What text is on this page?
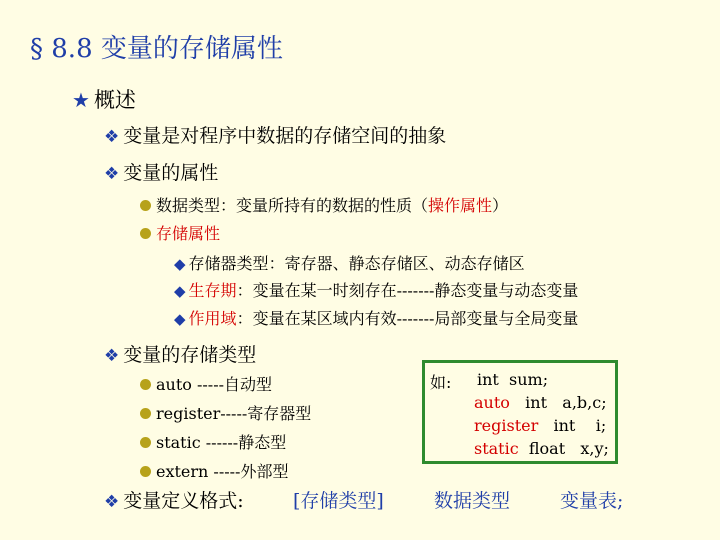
§ 8.8 变量的存储属性
★ 概述
❖ 变量是对程序中数据的存储空间的抽象
❖ 变量的属性
数据类型：变量所持有的数据的性质（操作属性）
存储属性
◆ 存储器类型：寄存器、静态存储区、动态存储区
◆ 生存期：变量在某一时刻存在-------静态变量与动态变量
◆ 作用域：变量在某区域内有效-------局部变量与全局变量
❖ 变量的存储类型
auto -----自动型
register-----寄存器型
static ------静态型
extern -----外部型
如: int sum;
auto int a,b,c;
register int i;
static float x,y;
❖ 变量定义格式:	[存储类型]	数据类型	变量表;
